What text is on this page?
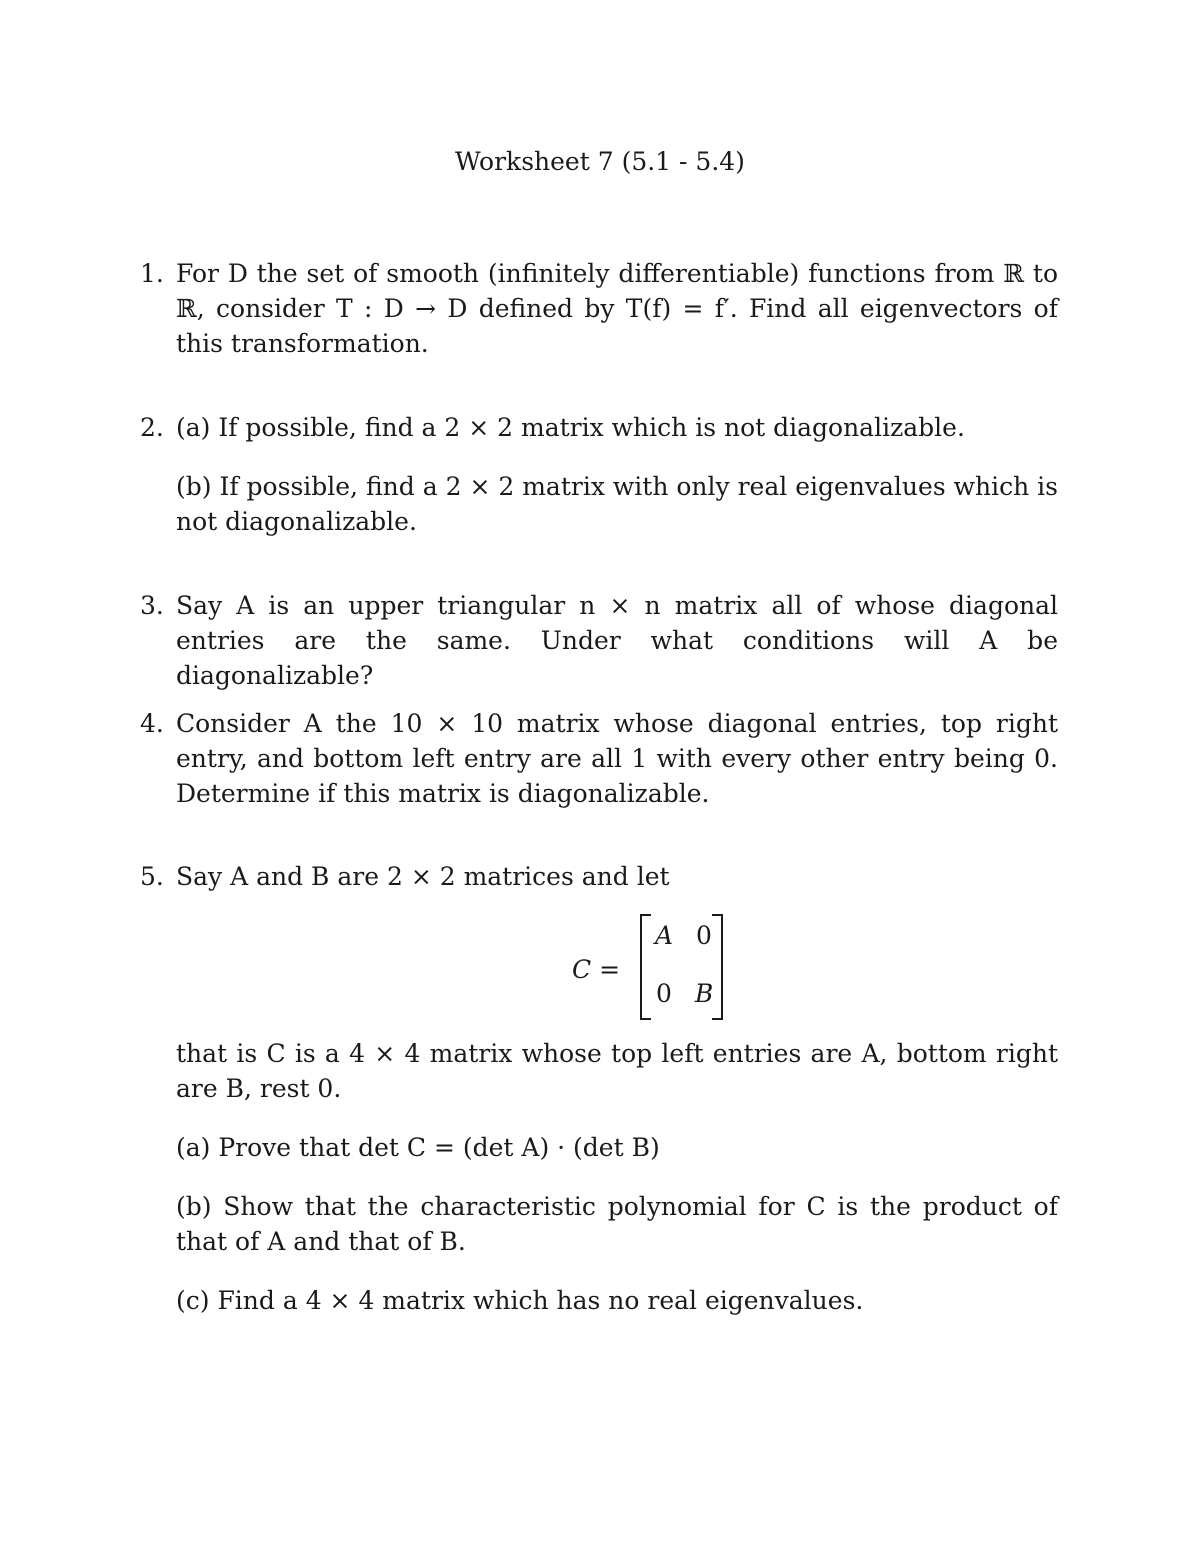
Worksheet 7 (5.1 - 5.4)
1. For D the set of smooth (infinitely differentiable) functions from ℝ to ℝ, consider T : D → D defined by T(f) = f′. Find all eigenvectors of this transformation.
2. (a) If possible, find a 2 × 2 matrix which is not diagonalizable.
(b) If possible, find a 2 × 2 matrix with only real eigenvalues which is not diagonalizable.
3. Say A is an upper triangular n × n matrix all of whose diagonal entries are the same. Under what conditions will A be diagonalizable?
4. Consider A the 10 × 10 matrix whose diagonal entries, top right entry, and bottom left entry are all 1 with every other entry being 0. Determine if this matrix is diagonalizable.
5. Say A and B are 2 × 2 matrices and let
C =
A 0
0 B
that is C is a 4 × 4 matrix whose top left entries are A, bottom right are B, rest 0.
(a) Prove that det C = (det A) · (det B)
(b) Show that the characteristic polynomial for C is the product of that of A and that of B.
(c) Find a 4 × 4 matrix which has no real eigenvalues.
